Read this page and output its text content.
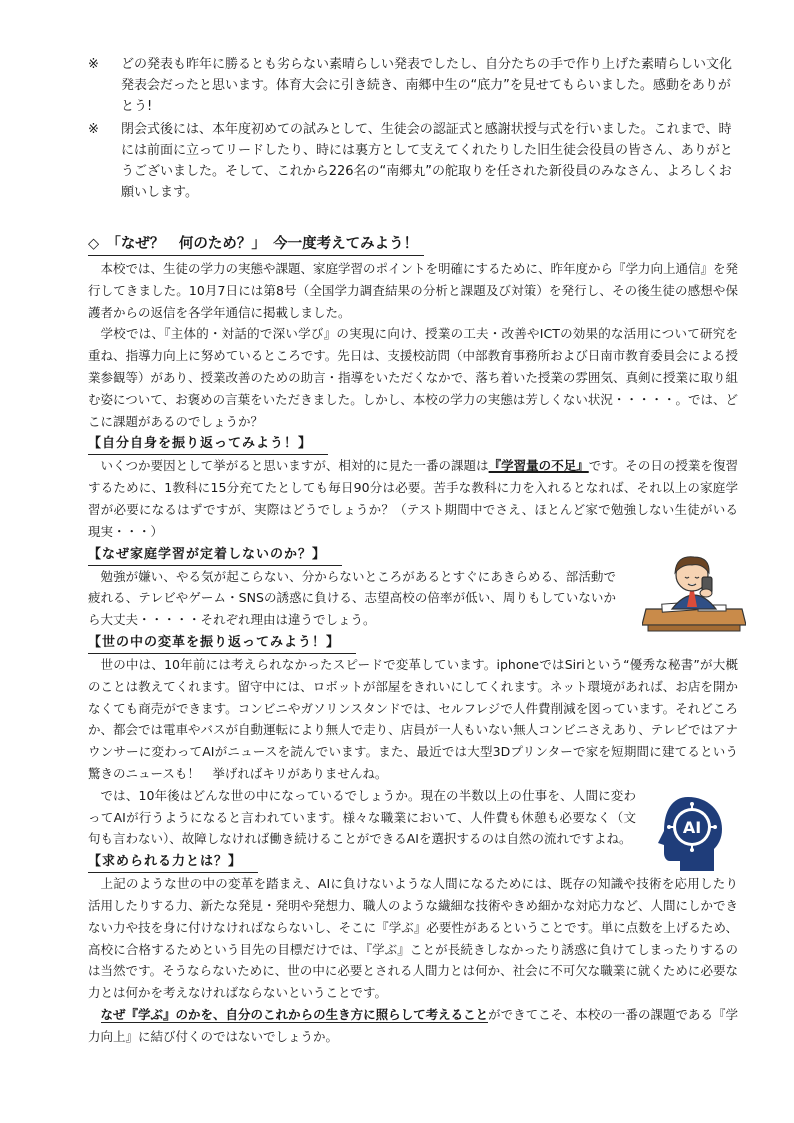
※ どの発表も昨年に勝るとも劣らない素晴らしい発表でしたし、自分たちの手で作り上げた素晴らしい文化発表会だったと思います。体育大会に引き続き、南郷中生の“底力”を見せてもらいました。感動をありがとう!
※ 閉会式後には、本年度初めての試みとして、生徒会の認証式と感謝状授与式を行いました。これまで、時には前面に立ってリードしたり、時には裏方として支えてくれたりした旧生徒会役員の皆さん、ありがとうございました。そして、これから226名の“南郷丸”の舵取りを任された新役員のみなさん、よろしくお願いします。
◇　「なぜ？　何のため？」　今一度考えてみよう！

本校では、生徒の学力の実態や課題、家庭学習のポイントを明確にするために、昨年度から『学力向上通信』を発行してきました。10月7日には第8号（全国学力調査結果の分析と課題及び対策）を発行し、その後生徒の感想や保護者からの返信を各学年通信に掲載しました。

学校では、『主体的・対話的で深い学び』の実現に向け、授業の工夫・改善やICTの効果的な活用について研究を重ね、指導力向上に努めているところです。先日は、支援校訪問（中部教育事務所および日南市教育委員会による授業参観等）があり、授業改善のための助言・指導をいただくなかで、落ち着いた授業の雰囲気、真剣に授業に取り組む姿について、お褒めの言葉をいただきました。しかし、本校の学力の実態は芳しくない状況・・・・・。では、どこに課題があるのでしょうか？

【自分自身を振り返ってみよう！】

いくつか要因として挙がると思いますが、相対的に見た一番の課題は『学習量の不足』です。その日の授業を復習するために、1教科に15分充てたとしても毎日90分は必要。苦手な教科に力を入れるとなれば、それ以上の家庭学習が必要になるはずですが、実際はどうでしょうか？（テスト期間中でさえ、ほとんど家で勉強しない生徒がいる現実・・・）

【なぜ家庭学習が定着しないのか？】

勉強が嫌い、やる気が起こらない、分からないところがあるとすぐにあきらめる、部活動で疲れる、テレビやゲーム・SNSの誘惑に負ける、志望高校の倍率が低い、周りもしていないから大丈夫・・・・・それぞれ理由は違うでしょう。

【世の中の変革を振り返ってみよう！】

世の中は、10年前には考えられなかったスピードで変革しています。iphoneではSiriという“優秀な秘書”が大概のことは教えてくれます。留守中には、ロボットが部屋をきれいにしてくれます。ネット環境があれば、お店を開かなくても商売ができます。コンビニやガソリンスタンドでは、セルフレジで人件費削減を図っています。それどころか、都会では電車やバスが自動運転により無人で走り、店員が一人もいない無人コンビニさえあり、テレビではアナウンサーに変わってAIがニュースを読んでいます。また、最近では大型3Dプリンターで家を短期間に建てるという驚きのニュースも！　挙げればキリがありませんね。

では、10年後はどんな世の中になっているでしょうか。現在の半数以上の仕事を、人間に変わってAIが行うようになると言われています。様々な職業において、人件費も休憩も必要なく（文句も言わない）、故障しなければ働き続けることができるAIを選択するのは自然の流れですよね。

AI
【求められる力とは？】

上記のような世の中の変革を踏まえ、AIに負けないような人間になるためには、既存の知識や技術を応用したり活用したりする力、新たな発見・発明や発想力、職人のような繊細な技術やきめ細かな対応力など、人間にしかできない力や技を身に付けなければならないし、そこに『学ぶ』必要性があるということです。単に点数を上げるため、高校に合格するためという目先の目標だけでは、『学ぶ』ことが長続きしなかったり誘惑に負けてしまったりするのは当然です。そうならないために、世の中に必要とされる人間力とは何か、社会に不可欠な職業に就くために必要な力とは何かを考えなければならないということです。

なぜ『学ぶ』のかを、自分のこれからの生き方に照らして考えることができてこそ、本校の一番の課題である『学力向上』に結び付くのではないでしょうか。
